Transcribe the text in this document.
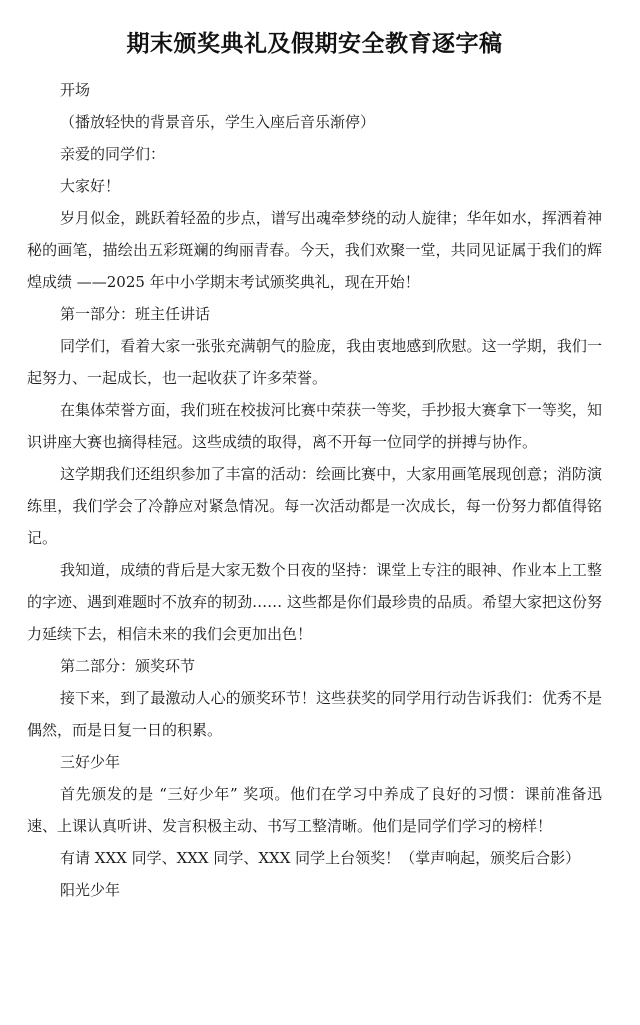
期末颁奖典礼及假期安全教育逐字稿

开场

（播放轻快的背景音乐，学生入座后音乐渐停）

亲爱的同学们：

大家好！

岁月似金，跳跃着轻盈的步点，谱写出魂牵梦绕的动人旋律；华年如水，挥洒着神秘的画笔，描绘出五彩斑斓的绚丽青春。今天，我们欢聚一堂，共同见证属于我们的辉煌成绩 ——2025 年中小学期末考试颁奖典礼，现在开始！

第一部分：班主任讲话

同学们，看着大家一张张充满朝气的脸庞，我由衷地感到欣慰。这一学期，我们一起努力、一起成长，也一起收获了许多荣誉。

在集体荣誉方面，我们班在校拔河比赛中荣获一等奖，手抄报大赛拿下一等奖，知识讲座大赛也摘得桂冠。这些成绩的取得，离不开每一位同学的拼搏与协作。

这学期我们还组织参加了丰富的活动：绘画比赛中，大家用画笔展现创意；消防演练里，我们学会了冷静应对紧急情况。每一次活动都是一次成长，每一份努力都值得铭记。

我知道，成绩的背后是大家无数个日夜的坚持：课堂上专注的眼神、作业本上工整的字迹、遇到难题时不放弃的韧劲…… 这些都是你们最珍贵的品质。希望大家把这份努力延续下去，相信未来的我们会更加出色！

第二部分：颁奖环节

接下来，到了最激动人心的颁奖环节！这些获奖的同学用行动告诉我们：优秀不是偶然，而是日复一日的积累。

三好少年

首先颁发的是 “三好少年” 奖项。他们在学习中养成了良好的习惯：课前准备迅速、上课认真听讲、发言积极主动、书写工整清晰。他们是同学们学习的榜样！

有请 XXX 同学、XXX 同学、XXX 同学上台领奖！（掌声响起，颁奖后合影）

阳光少年
